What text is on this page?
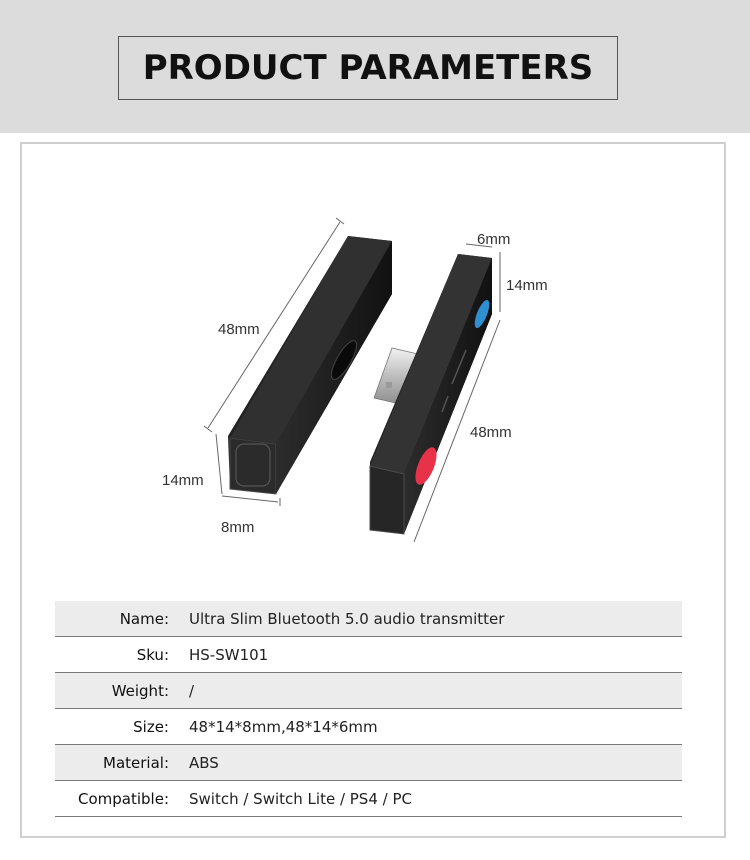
PRODUCT PARAMETERS
48mm
14mm
8mm
6mm
14mm
48mm
Name:	Ultra Slim Bluetooth 5.0 audio transmitter
Sku:	HS-SW101
Weight:	/
Size:	48*14*8mm,48*14*6mm
Material:	ABS
Compatible:	Switch / Switch Lite / PS4 / PC
